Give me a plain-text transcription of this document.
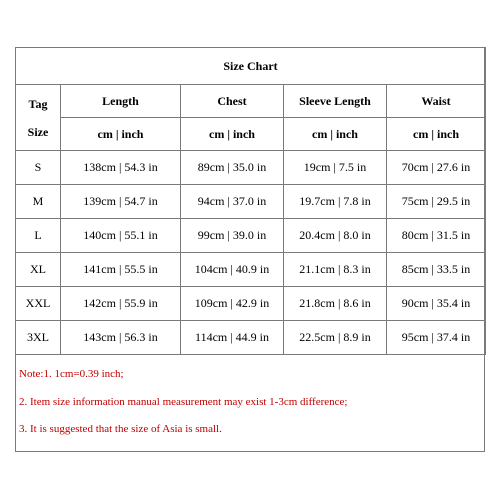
Size Chart				

Tag
Size	Length	Chest	Sleeve Length	Waist
	cm | inch	cm | inch	cm | inch	cm | inch
S	138cm | 54.3 in	89cm | 35.0 in	19cm | 7.5 in	70cm | 27.6 in
M	139cm | 54.7 in	94cm | 37.0 in	19.7cm | 7.8 in	75cm | 29.5 in
L	140cm | 55.1 in	99cm | 39.0 in	20.4cm | 8.0 in	80cm | 31.5 in
XL	141cm | 55.5 in	104cm | 40.9 in	21.1cm | 8.3 in	85cm | 33.5 in
XXL	142cm | 55.9 in	109cm | 42.9 in	21.8cm | 8.6 in	90cm | 35.4 in
3XL	143cm | 56.3 in	114cm | 44.9 in	22.5cm | 8.9 in	95cm | 37.4 in
Note:1. 1cm=0.39 inch;
2. Item size information manual measurement may exist 1-3cm difference;
3. It is suggested that the size of Asia is small.
